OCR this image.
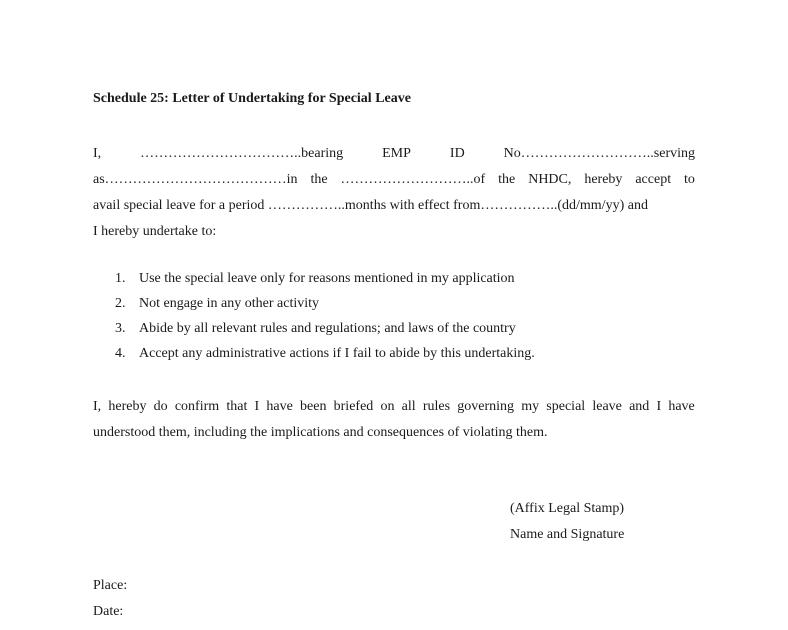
Schedule 25: Letter of Undertaking for Special Leave
I,	……………………………..bearing	EMP	ID	No………………………..serving
as…………………………………in the ………………………..of the NHDC, hereby accept to
avail special leave for a period ……………..months with effect from……………..(dd/mm/yy) and
I hereby undertake to:
1. Use the special leave only for reasons mentioned in my application
2. Not engage in any other activity
3. Abide by all relevant rules and regulations; and laws of the country
4. Accept any administrative actions if I fail to abide by this undertaking.
I, hereby do confirm that I have been briefed on all rules governing my special leave and I have
understood them, including the implications and consequences of violating them.
(Affix Legal Stamp)
Name and Signature
Place:
Date:
